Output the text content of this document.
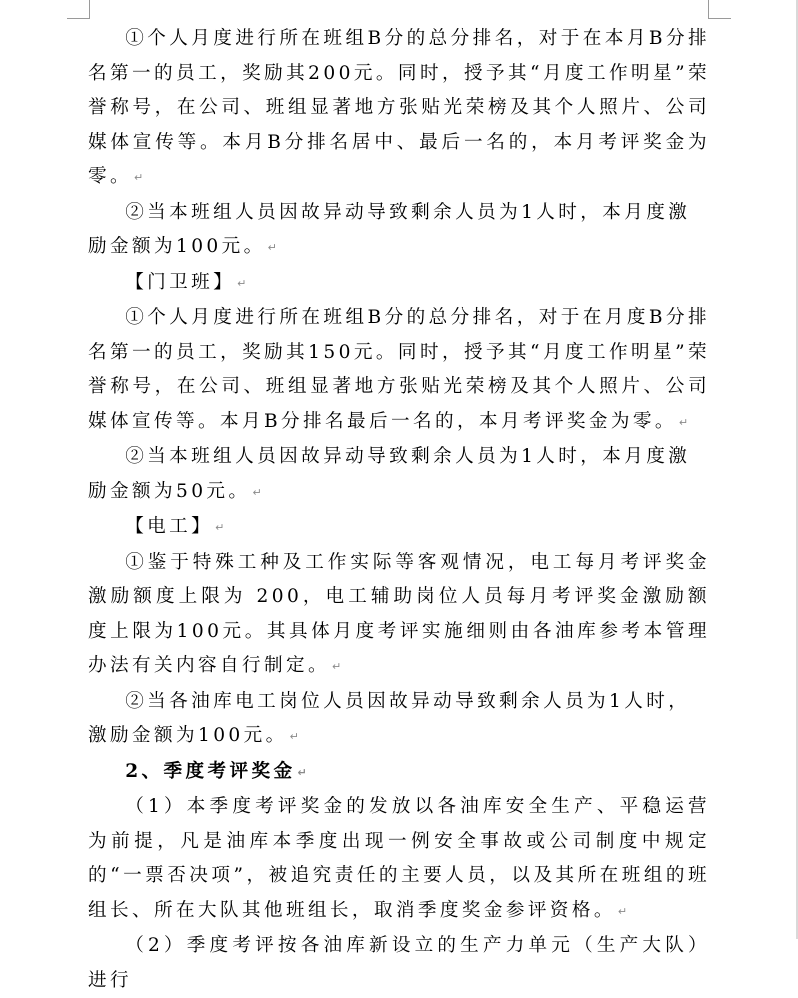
①个人月度进行所在班组B分的总分排名，对于在本月B分排名第一的员工，奖励其200元。同时，授予其“月度工作明星”荣誉称号，在公司、班组显著地方张贴光荣榜及其个人照片、公司媒体宣传等。本月B分排名居中、最后一名的，本月考评奖金为零。 ↵

②当本班组人员因故异动导致剩余人员为1人时，本月度激励金额为100元。 ↵

【门卫班】 ↵

①个人月度进行所在班组B分的总分排名，对于在月度B分排名第一的员工，奖励其150元。同时，授予其“月度工作明星”荣誉称号，在公司、班组显著地方张贴光荣榜及其个人照片、公司媒体宣传等。本月B分排名最后一名的，本月考评奖金为零。 ↵

②当本班组人员因故异动导致剩余人员为1人时，本月度激励金额为50元。 ↵

【电工】 ↵

①鉴于特殊工种及工作实际等客观情况，电工每月考评奖金激励额度上限为 200，电工辅助岗位人员每月考评奖金激励额度上限为100元。其具体月度考评实施细则由各油库参考本管理办法有关内容自行制定。 ↵

②当各油库电工岗位人员因故异动导致剩余人员为1人时，激励金额为100元。 ↵

2、季度考评奖金 ↵

（1）本季度考评奖金的发放以各油库安全生产、平稳运营为前提，凡是油库本季度出现一例安全事故或公司制度中规定的“一票否决项”，被追究责任的主要人员，以及其所在班组的班组长、所在大队其他班组长，取消季度奖金参评资格。 ↵

（2）季度考评按各油库新设立的生产力单元（生产大队）进行
